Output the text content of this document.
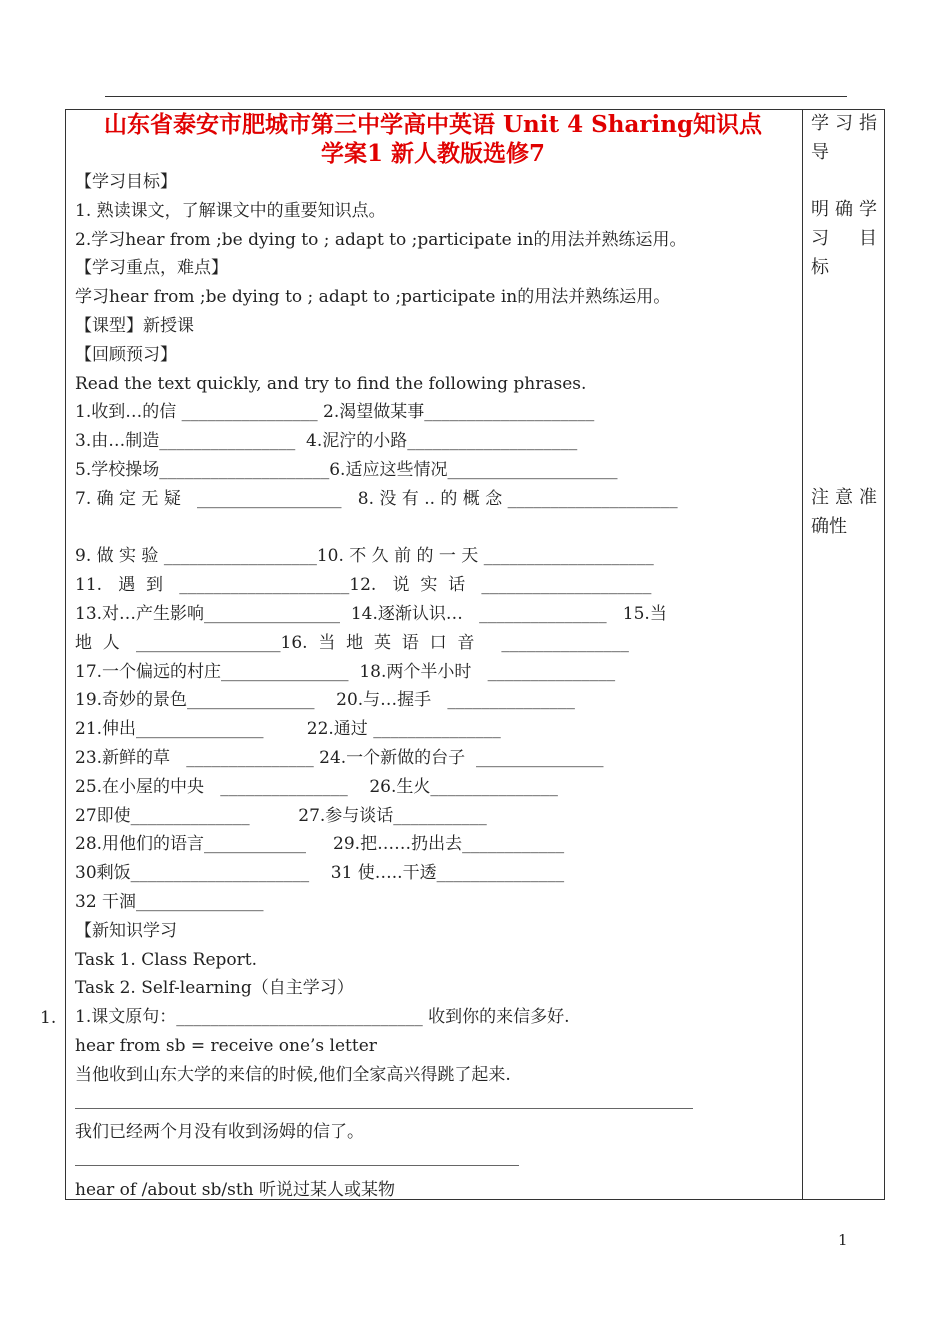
山东省泰安市肥城市第三中学高中英语 Unit 4 Sharing知识点
学案1 新人教版选修7
【学习目标】
1. 熟读课文，了解课文中的重要知识点。
2.学习hear from ;be dying to ; adapt to ;participate in的用法并熟练运用。
【学习重点，难点】
学习hear from ;be dying to ; adapt to ;participate in的用法并熟练运用。
【课型】新授课
【回顾预习】
Read the text quickly, and try to find the following phrases.
1.收到…的信 ________________ 2.渴望做某事____________________
3.由…制造________________  4.泥泞的小路____________________
5.学校操场____________________6.适应这些情况____________________
7. 确 定 无 疑   _________________   8. 没 有 .. 的 概 念 ____________________
9. 做 实 验 __________________10. 不 久 前 的 一 天 ____________________
11.   遇  到   ____________________12.   说  实  话   ____________________
13.对…产生影响________________  14.逐渐认识…   _______________   15.当
地  人   _________________16.  当  地  英  语  口  音     _______________
17.一个偏远的村庄_______________  18.两个半小时   _______________
19.奇妙的景色_______________    20.与…握手   _______________
21.伸出_______________        22.通过 _______________
23.新鲜的草   _______________ 24.一个新做的台子  _______________
25.在小屋的中央   _______________    26.生火_______________
27即使______________         27.参与谈话___________
28.用他们的语言____________     29.把……扔出去____________
30剩饭_____________________    31 使…..干透_______________
32 干涸_______________
【新知识学习
Task 1. Class Report.
Task 2. Self-learning（自主学习）
1.课文原句：_____________________________ 收到你的来信多好.
hear from sb = receive one’s letter
当他收到山东大学的来信的时候,他们全家高兴得跳了起来.
我们已经两个月没有收到汤姆的信了。
hear of /about sb/sth 听说过某人或某物
学习指
导
明确学
习 目
标
注意准
确性
1.
1
